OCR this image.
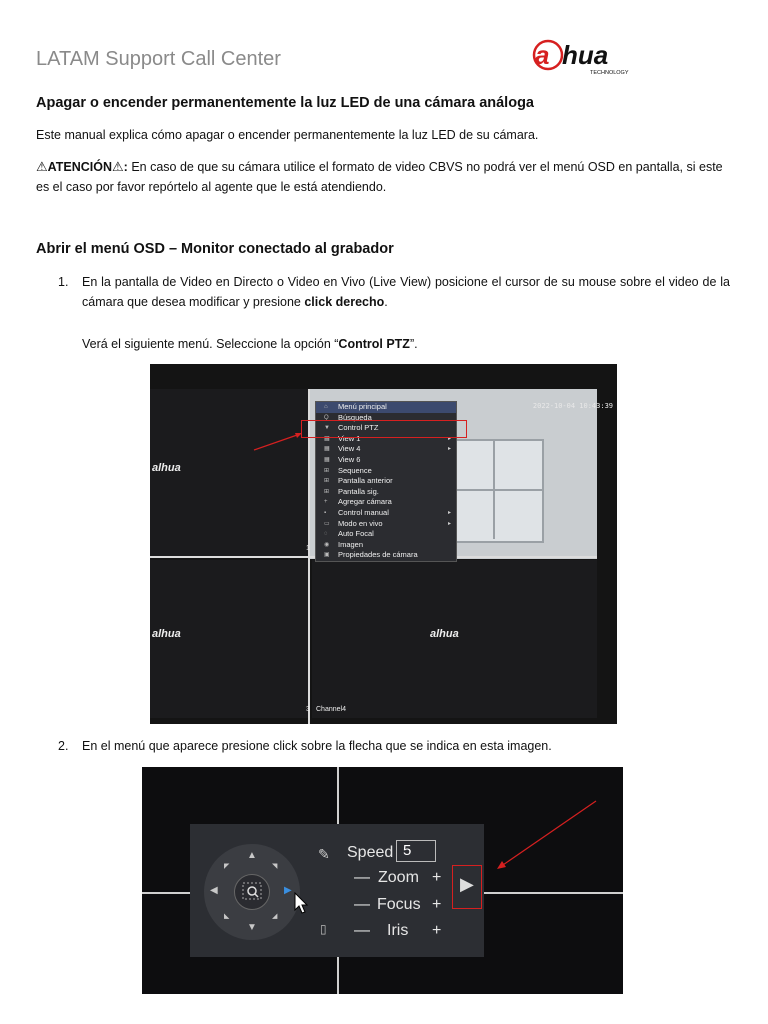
LATAM Support Call Center	a hua
TECHNOLOGY
Apagar o encender permanentemente la luz LED de una cámara análoga
Este manual explica cómo apagar o encender permanentemente la luz LED de su cámara.
⚠ATENCIÓN⚠: En caso de que su cámara utilice el formato de video CBVS no podrá ver el menú OSD en pantalla, si este es el caso por favor repórtelo al agente que le está atendiendo.
Abrir el menú OSD – Monitor conectado al grabador
1. En la pantalla de Video en Directo o Video en Vivo (Live View) posicione el cursor de su mouse sobre el video de la cámara que desea modificar y presione click derecho.
Verá el siguiente menú. Seleccione la opción “Control PTZ”.
2022-10-04 10:43:39
alhua
alhua	alhua
1
3 Channel4
⌂ Menú principal
Q Búsqueda
▼ Control PTZ
▦ View 1	▸
▦ View 4	▸
▦ View 6
⊞ Sequence
⊞ Pantalla anterior
⊞ Pantalla sig.
+ Agregar cámara
▪ Control manual	▸
▭ Modo en vivo	▸
◌ Auto Focal
◉ Imagen
▣ Propiedades de cámara
2. En el menú que aparece presione click sobre la flecha que se indica en esta imagen.
▲
▼
◀	▶
◤	◥
◣	◢
✎
▯
Speed 5
— Zoom +
— Focus +
— Iris +
▶
